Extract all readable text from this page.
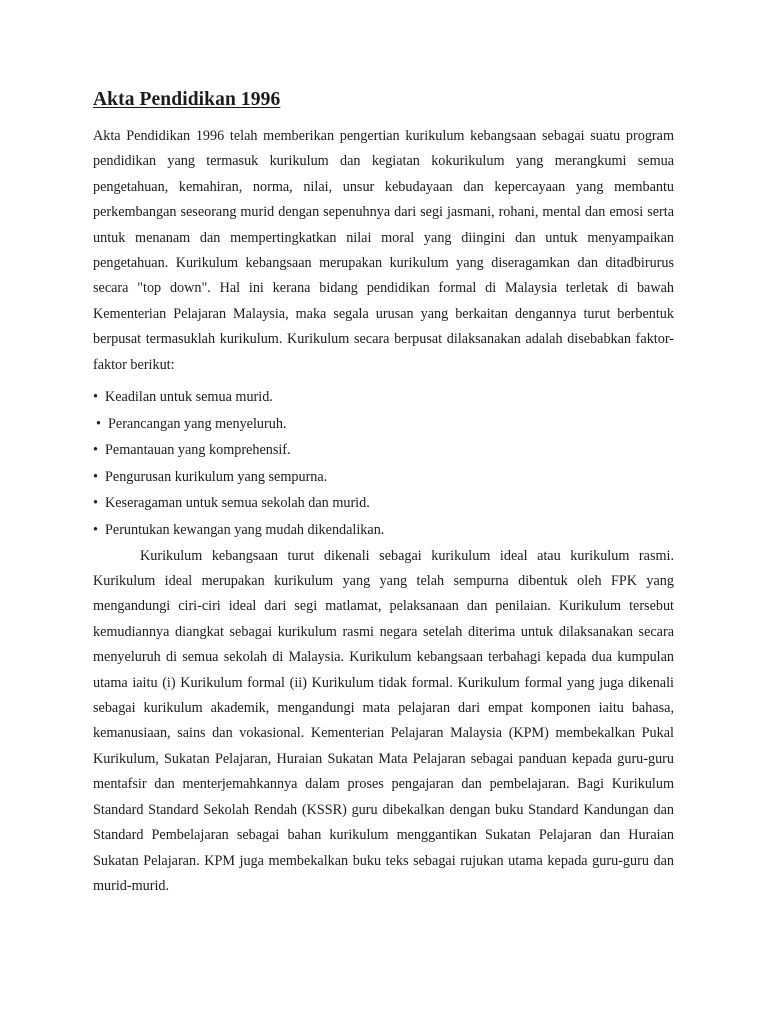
Akta Pendidikan 1996

Akta Pendidikan 1996 telah memberikan pengertian kurikulum kebangsaan sebagai suatu program pendidikan yang termasuk kurikulum dan kegiatan kokurikulum yang merangkumi semua pengetahuan, kemahiran, norma, nilai, unsur kebudayaan dan kepercayaan yang membantu perkembangan seseorang murid dengan sepenuhnya dari segi jasmani, rohani, mental dan emosi serta untuk menanam dan mempertingkatkan nilai moral yang diingini dan untuk menyampaikan pengetahuan. Kurikulum kebangsaan merupakan kurikulum yang diseragamkan dan ditadbirurus secara "top down". Hal ini kerana bidang pendidikan formal di Malaysia terletak di bawah Kementerian Pelajaran Malaysia, maka segala urusan yang berkaitan dengannya turut berbentuk berpusat termasuklah kurikulum. Kurikulum secara berpusat dilaksanakan adalah disebabkan faktor-faktor berikut:

• Keadilan untuk semua murid.
• Perancangan yang menyeluruh.
• Pemantauan yang komprehensif.
• Pengurusan kurikulum yang sempurna.
• Keseragaman untuk semua sekolah dan murid.
• Peruntukan kewangan yang mudah dikendalikan.

Kurikulum kebangsaan turut dikenali sebagai kurikulum ideal atau kurikulum rasmi. Kurikulum ideal merupakan kurikulum yang yang telah sempurna dibentuk oleh FPK yang mengandungi ciri-ciri ideal dari segi matlamat, pelaksanaan dan penilaian. Kurikulum tersebut kemudiannya diangkat sebagai kurikulum rasmi negara setelah diterima untuk dilaksanakan secara menyeluruh di semua sekolah di Malaysia. Kurikulum kebangsaan terbahagi kepada dua kumpulan utama iaitu (i) Kurikulum formal (ii) Kurikulum tidak formal. Kurikulum formal yang juga dikenali sebagai kurikulum akademik, mengandungi mata pelajaran dari empat komponen iaitu bahasa, kemanusiaan, sains dan vokasional. Kementerian Pelajaran Malaysia (KPM) membekalkan Pukal Kurikulum, Sukatan Pelajaran, Huraian Sukatan Mata Pelajaran sebagai panduan kepada guru-guru mentafsir dan menterjemahkannya dalam proses pengajaran dan pembelajaran. Bagi Kurikulum Standard Standard Sekolah Rendah (KSSR) guru dibekalkan dengan buku Standard Kandungan dan Standard Pembelajaran sebagai bahan kurikulum menggantikan Sukatan Pelajaran dan Huraian Sukatan Pelajaran. KPM juga membekalkan buku teks sebagai rujukan utama kepada guru-guru dan murid-murid.
